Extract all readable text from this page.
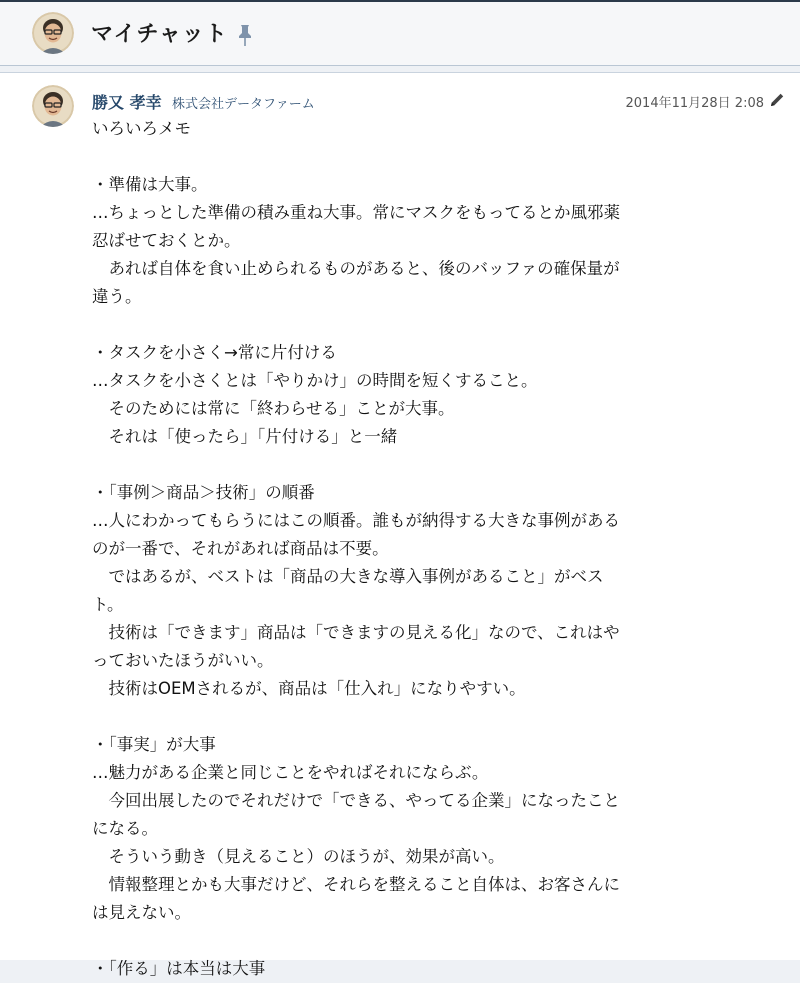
マイチャット
勝又 孝幸 株式会社データファーム	2014年11月28日 2:08
いろいろメモ
・準備は大事。
…ちょっとした準備の積み重ね大事。常にマスクをもってるとか風邪薬
忍ばせておくとか。
　あれば自体を食い止められるものがあると、後のバッファの確保量が
違う。
・タスクを小さく→常に片付ける
…タスクを小さくとは「やりかけ」の時間を短くすること。
　そのためには常に「終わらせる」ことが大事。
　それは「使ったら」「片付ける」と一緒
・「事例＞商品＞技術」の順番
…人にわかってもらうにはこの順番。誰もが納得する大きな事例がある
のが一番で、それがあれば商品は不要。
　ではあるが、ベストは「商品の大きな導入事例があること」がベス
ト。
　技術は「できます」商品は「できますの見える化」なので、これはや
っておいたほうがいい。
　技術はOEMされるが、商品は「仕入れ」になりやすい。
・「事実」が大事
…魅力がある企業と同じことをやればそれにならぶ。
　今回出展したのでそれだけで「できる、やってる企業」になったこと
になる。
　そういう動き（見えること）のほうが、効果が高い。
　情報整理とかも大事だけど、それらを整えること自体は、お客さんに
は見えない。
・「作る」は本当は大事
